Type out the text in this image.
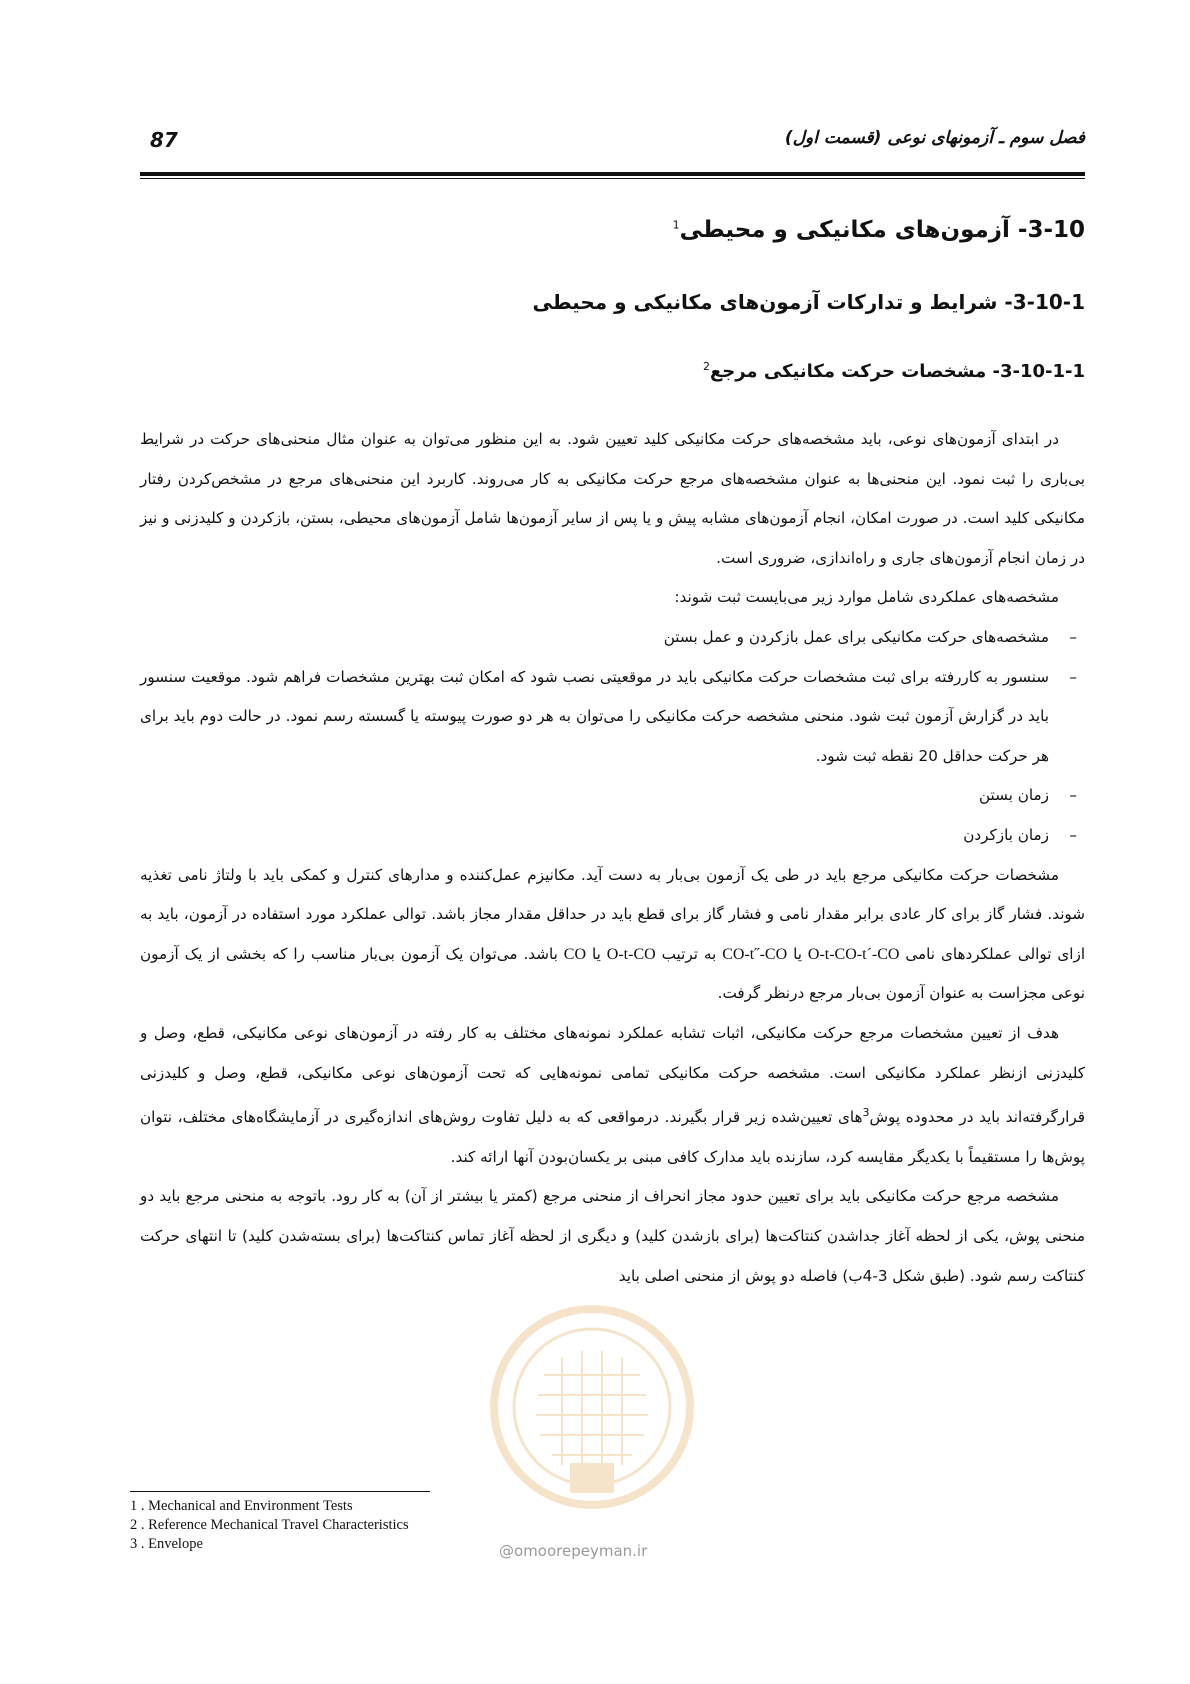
87	فصل سوم ـ آزمونهای نوعی (قسمت اول)
3-10- آزمون‌های مکانیکی و محیطی$^1$
3-10-1- شرایط و تدارکات آزمون‌های مکانیکی و محیطی
3-10-1-1- مشخصات حرکت مکانیکی مرجع$^2$

در ابتدای آزمون‌های نوعی، باید مشخصه‌های حرکت مکانیکی کلید تعیین شود. به این منظور می‌توان به عنوان مثال منحنی‌های حرکت در شرایط بی‌باری را ثبت نمود. این منحنی‌ها به عنوان مشخصه‌های مرجع حرکت مکانیکی به کار می‌روند. کاربرد این منحنی‌های مرجع در مشخص‌کردن رفتار مکانیکی کلید است. در صورت امکان، انجام آزمون‌های مشابه پیش و یا پس از سایر آزمون‌ها شامل آزمون‌های محیطی، بستن، بازکردن و کلیدزنی و نیز در زمان انجام آزمون‌های جاری و راه‌اندازی، ضروری است.

مشخصه‌های عملکردی شامل موارد زیر می‌بایست ثبت شوند:

–
مشخصه‌های حرکت مکانیکی برای عمل بازکردن و عمل بستن
–
سنسور به کاررفته برای ثبت مشخصات حرکت مکانیکی باید در موقعیتی نصب شود که امکان ثبت بهترین مشخصات فراهم شود. موقعیت سنسور باید در گزارش آزمون ثبت شود. منحنی مشخصه حرکت مکانیکی را می‌توان به هر دو صورت پیوسته یا گسسته رسم نمود. در حالت دوم باید برای هر حرکت حداقل 20 نقطه ثبت شود.
–
زمان بستن
–
زمان بازکردن

مشخصات حرکت مکانیکی مرجع باید در طی یک آزمون بی‌بار به دست آید. مکانیزم عمل‌کننده و مدارهای کنترل و کمکی باید با ولتاژ نامی تغذیه شوند. فشار گاز برای کار عادی برابر مقدار نامی و فشار گاز برای قطع باید در حداقل مقدار مجاز باشد. توالی عملکرد مورد استفاده در آزمون، باید به ازای توالی عملکردهای نامی O-t-CO-t´-CO یا CO-t˝-CO به ترتیب O-t-CO یا CO باشد. می‌توان یک آزمون بی‌بار مناسب را که بخشی از یک آزمون نوعی مجزاست به عنوان آزمون بی‌بار مرجع درنظر گرفت.

هدف از تعیین مشخصات مرجع حرکت مکانیکی، اثبات تشابه عملکرد نمونه‌های مختلف به کار رفته در آزمون‌های نوعی مکانیکی، قطع، وصل و کلیدزنی ازنظر عملکرد مکانیکی است. مشخصه حرکت مکانیکی تمامی نمونه‌هایی که تحت آزمون‌های نوعی مکانیکی، قطع، وصل و کلیدزنی قرارگرفته‌اند باید در محدوده پوش$^3$های تعیین‌شده زیر قرار بگیرند. درمواقعی که به دلیل تفاوت روش‌های اندازه‌گیری در آزمایشگاه‌های مختلف، نتوان پوش‌ها را مستقیماً با یکدیگر مقایسه کرد، سازنده باید مدارک کافی مبنی بر یکسان‌بودن آنها ارائه کند.

مشخصه مرجع حرکت مکانیکی باید برای تعیین حدود مجاز انحراف از منحنی مرجع (کمتر یا بیشتر از آن) به کار رود. باتوجه به منحنی مرجع باید دو منحنی پوش، یکی از لحظه آغاز جداشدن کنتاکت‌ها (برای بازشدن کلید) و دیگری از لحظه آغاز تماس کنتاکت‌ها (برای بسته‌شدن کلید) تا انتهای حرکت کنتاکت رسم شود. (طبق شکل 3-4ب) فاصله دو پوش از منحنی اصلی باید

@omoorepeyman.ir
1 . Mechanical and Environment Tests
2 . Reference Mechanical Travel Characteristics
3 . Envelope
